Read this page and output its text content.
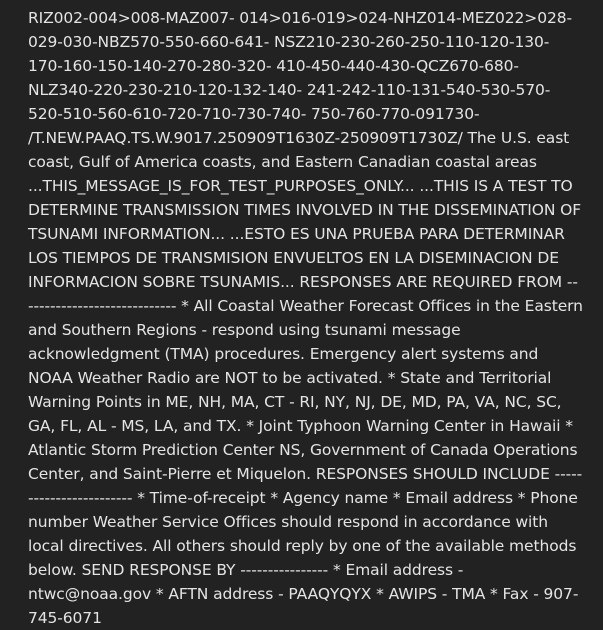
RIZ002-004>008-MAZ007- 014>016-019>024-NHZ014-MEZ022>028-029-030-NBZ570-550-660-641- NSZ210-230-260-250-110-120-130-170-160-150-140-270-280-320- 410-450-440-430-QCZ670-680-NLZ340-220-230-210-120-132-140- 241-242-110-131-540-530-570-520-510-560-610-720-710-730-740- 750-760-770-091730- /T.NEW.PAAQ.TS.W.9017.250909T1630Z-250909T1730Z/ The U.S. east coast, Gulf of America coasts, and Eastern Canadian coastal areas ...THIS_MESSAGE_IS_FOR_TEST_PURPOSES_ONLY... ...THIS IS A TEST TO DETERMINE TRANSMISSION TIMES INVOLVED IN THE DISSEMINATION OF TSUNAMI INFORMATION... ...ESTO ES UNA PRUEBA PARA DETERMINAR LOS TIEMPOS DE TRANSMISION ENVUELTOS EN LA DISEMINACION DE INFORMACION SOBRE TSUNAMIS... RESPONSES ARE REQUIRED FROM ----------------------------- * All Coastal Weather Forecast Offices in the Eastern and Southern Regions - respond using tsunami message acknowledgment (TMA) procedures. Emergency alert systems and NOAA Weather Radio are NOT to be activated. * State and Territorial Warning Points in ME, NH, MA, CT - RI, NY, NJ, DE, MD, PA, VA, NC, SC, GA, FL, AL - MS, LA, and TX. * Joint Typhoon Warning Center in Hawaii * Atlantic Storm Prediction Center NS, Government of Canada Operations Center, and Saint-Pierre et Miquelon. RESPONSES SHOULD INCLUDE ------------------------ * Time-of-receipt * Agency name * Email address * Phone number Weather Service Offices should respond in accordance with local directives. All others should reply by one of the available methods below. SEND RESPONSE BY ---------------- * Email address - ntwc@noaa.gov * AFTN address - PAAQYQYX * AWIPS - TMA * Fax - 907-745-6071
